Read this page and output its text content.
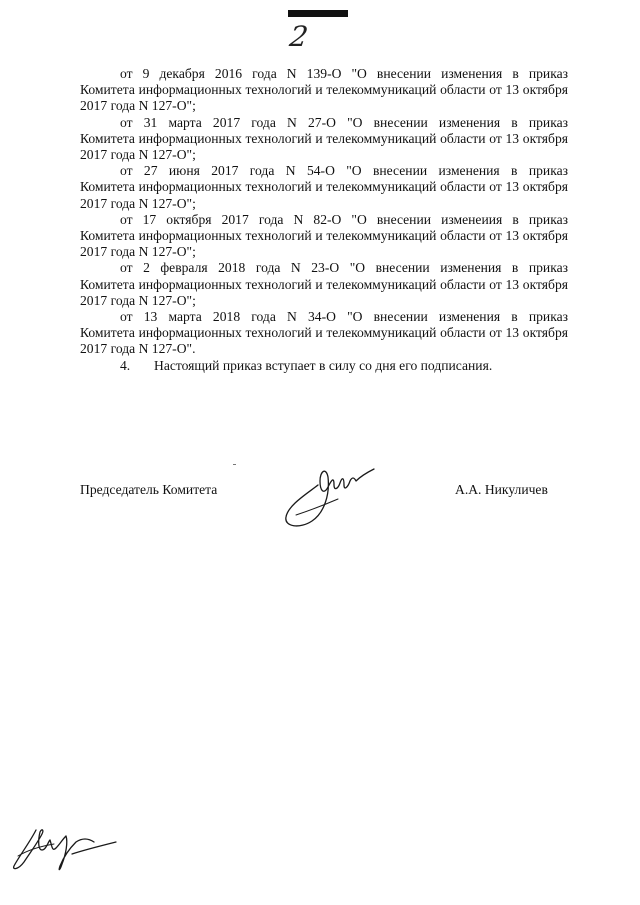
2

от 9 декабря 2016 года N 139-О "О внесении изменения в приказ
Комитета информационных технологий и телекоммуникаций области от 13 октября 2017 года N 127-О";

от 31 марта 2017 года N 27-О "О внесении изменения в приказ
Комитета информационных технологий и телекоммуникаций области от 13 октября 2017 года N 127-О";

от 27 июня 2017 года N 54-О "О внесении изменения в приказ
Комитета информационных технологий и телекоммуникаций области от 13 октября 2017 года N 127-О";

от 17 октября 2017 года N 82-О "О внесении изменеиия в приказ
Комитета информационных технологий и телекоммуникаций области от 13 октября 2017 года N 127-О";

от 2 февраля 2018 года N 23-О "О внесении изменения в приказ
Комитета информационных технологий и телекоммуникаций области от 13 октября 2017 года N 127-О";

от 13 марта 2018 года N 34-О "О внесении изменения в приказ
Комитета информационных технологий и телекоммуникаций области от 13 октября 2017 года N 127-О".

4. Настоящий приказ вступает в силу со дня его подписания.

Председатель Комитета	А.А. Никуличев
